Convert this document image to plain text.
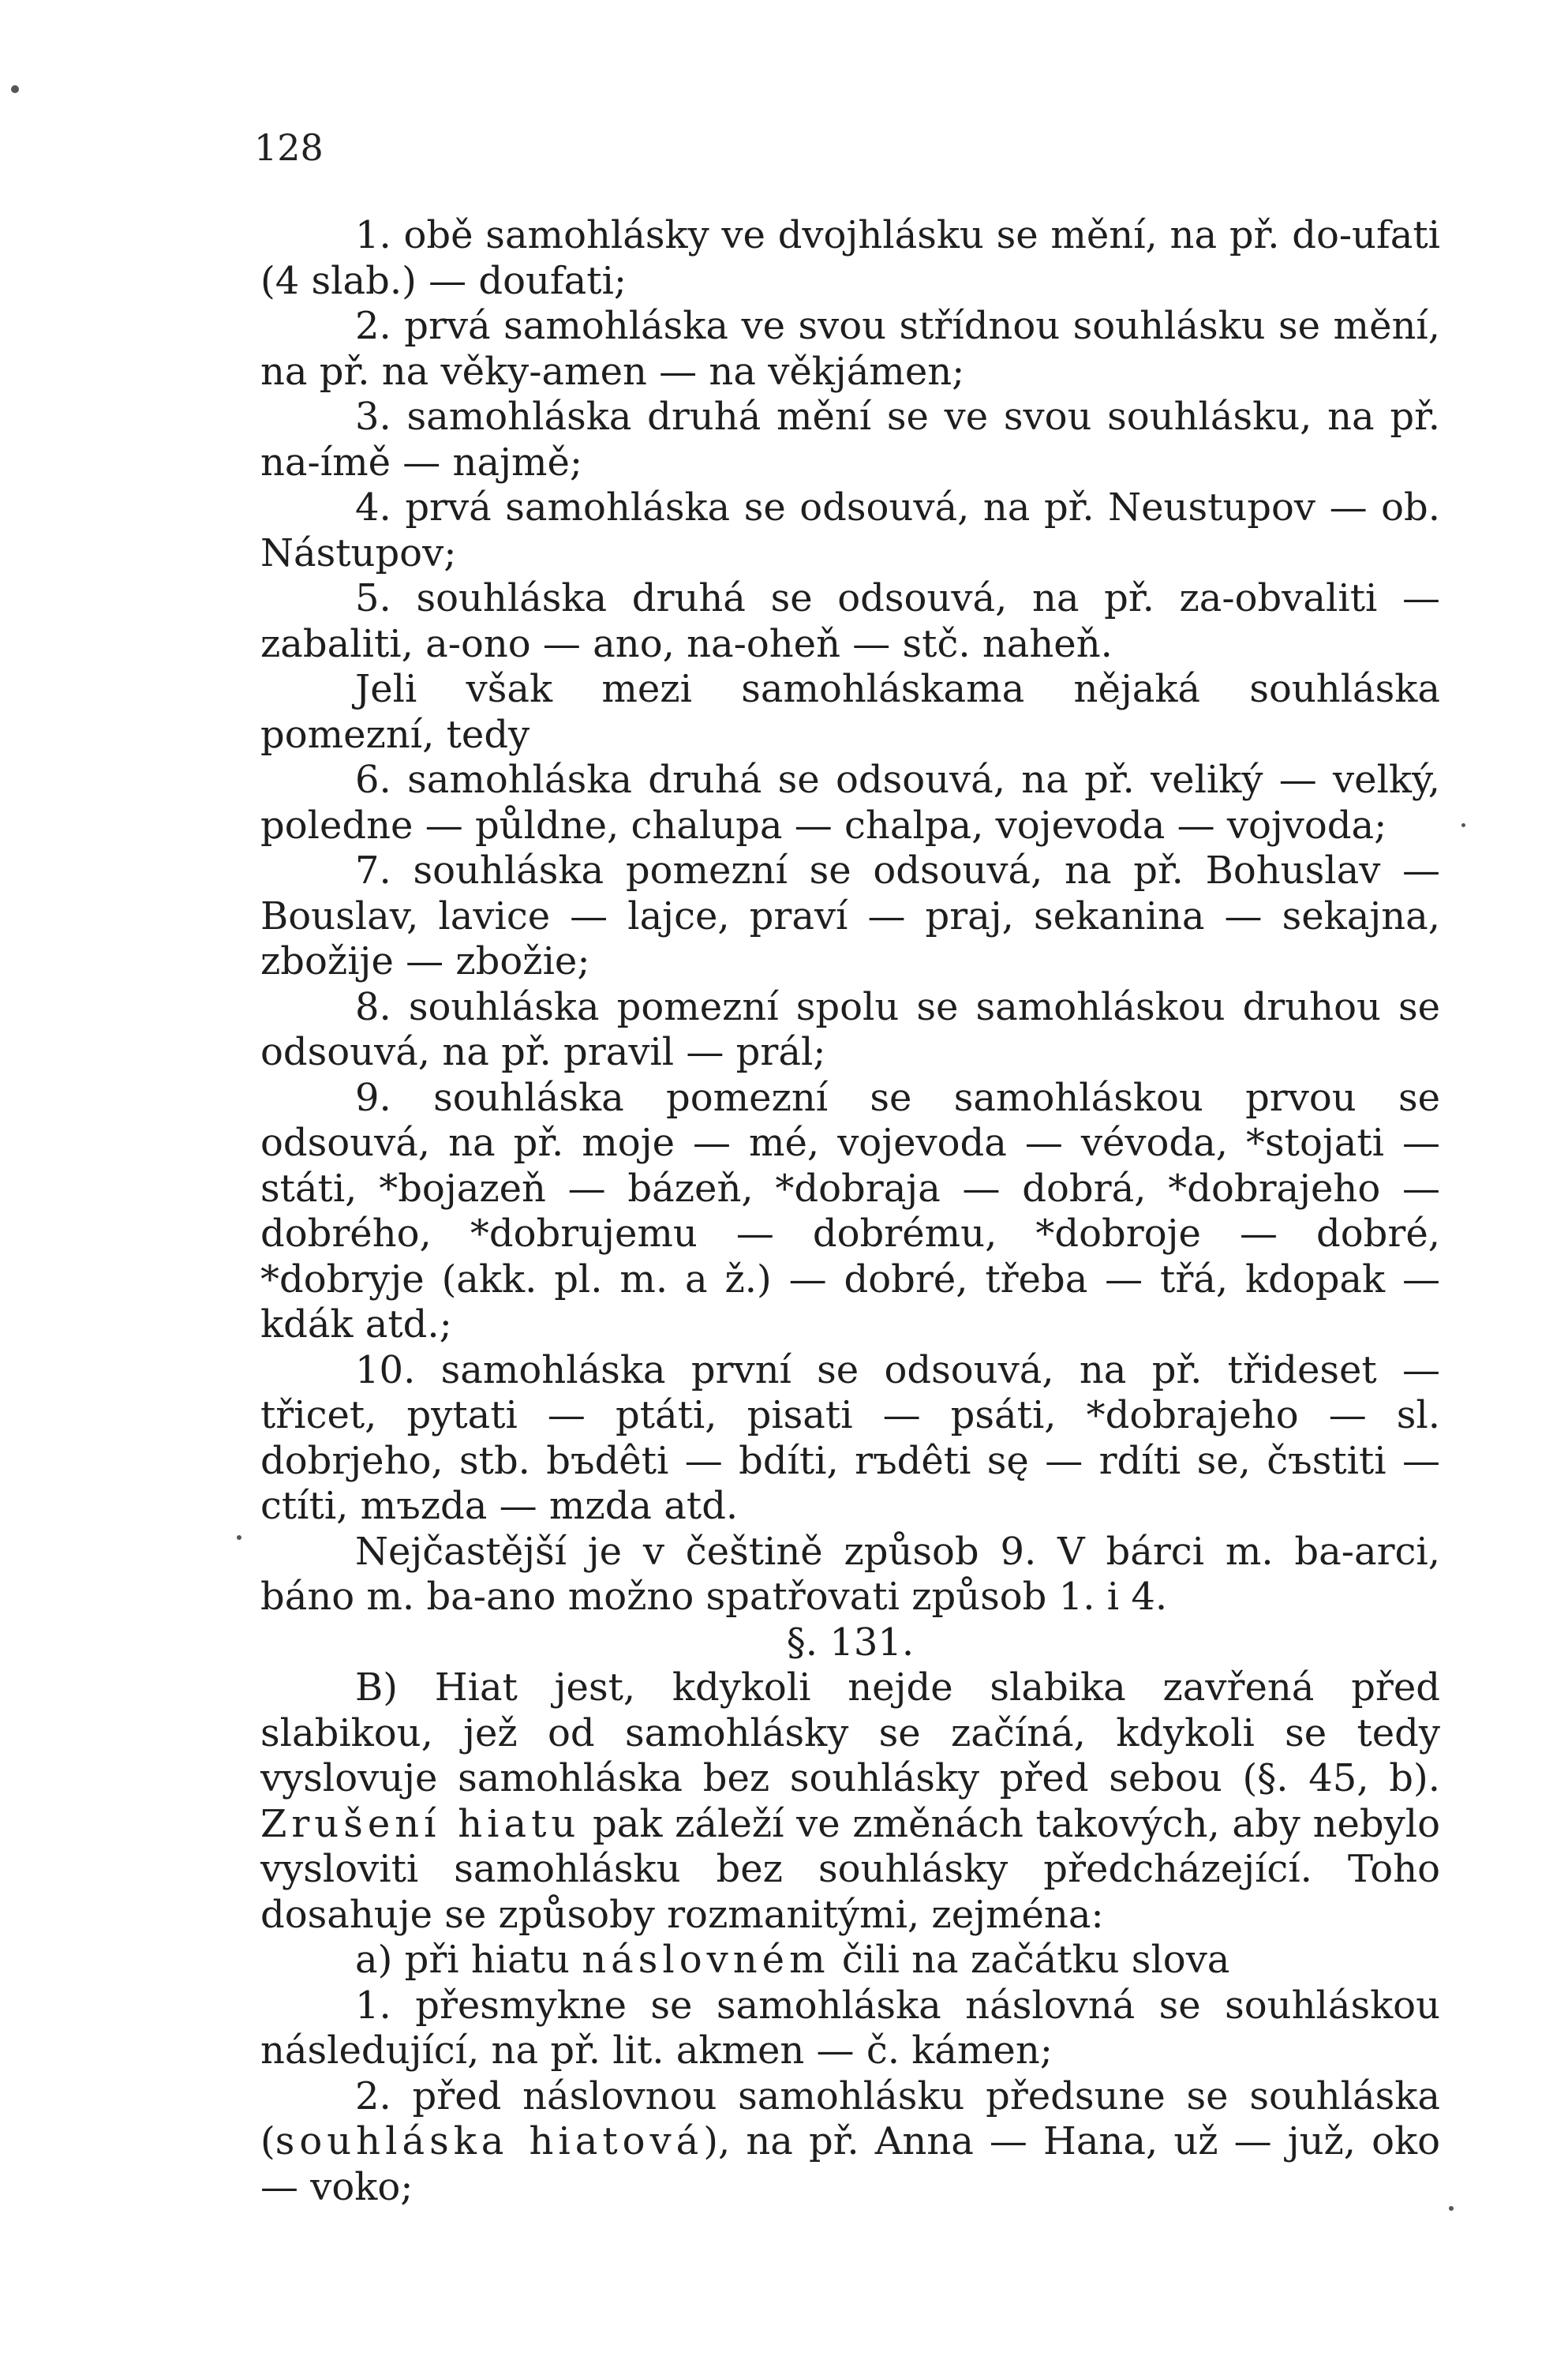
128

1. obě samohlásky ve dvojhlásku se mění, na př. do-ufati (4 slab.) — doufati;

2. prvá samohláska ve svou střídnou souhlásku se mění, na př. na věky-amen — na věkjámen;

3. samohláska druhá mění se ve svou souhlásku, na př. na-ímě — najmě;

4. prvá samohláska se odsouvá, na př. Neustupov — ob. Nástupov;

5. souhláska druhá se odsouvá, na př. za-obvaliti — zabaliti, a-ono — ano, na-oheň — stč. naheň.

Jeli však mezi samohláskama nějaká souhláska pomezní, tedy

6. samohláska druhá se odsouvá, na př. veliký — velký, poledne — půldne, chalupa — chalpa, vojevoda — vojvoda;

7. souhláska pomezní se odsouvá, na př. Bohuslav — Bouslav, lavice — lajce, praví — praj, sekanina — sekajna, zbožije — zbožie;

8. souhláska pomezní spolu se samohláskou druhou se odsouvá, na př. pravil — prál;

9. souhláska pomezní se samohláskou prvou se odsouvá, na př. moje — mé, vojevoda — vévoda, *stojati — státi, *bojazeň — bázeň, *dobraja — dobrá, *dobrajeho — dobrého, *dobrujemu — dobrému, *dobroje — dobré, *dobryje (akk. pl. m. a ž.) — dobré, třeba — třá, kdopak — kdák atd.;

10. samohláska první se odsouvá, na př. třidesеt — třicet, pytati — ptáti, pisati — psáti, *dobrajeho — sl. dobrjeho, stb. bъdêti — bdíti, rъdêti sę — rdíti se, čъstiti — ctíti, mъzda — mzda atd.

Nejčastější je v češtině způsob 9. V bárci m. ba-arci, báno m. ba-ano možno spatřovati způsob 1. i 4.

§. 131.

B) Hiat jest, kdykoli nejde slabika zavřená před slabikou, jež od samohlásky se začíná, kdykoli se tedy vyslovuje samohláska bez souhlásky před sebou (§. 45, b). Zrušení hiatu pak záleží ve změnách takových, aby nebylo vysloviti samohlásku bez souhlásky předcházející. Toho dosahuje se způsoby rozmanitými, zejména:

a) při hiatu náslovném čili na začátku slova

1. přesmykne se samohláska náslovná se souhláskou následující, na př. lit. akmen — č. kámen;

2. před náslovnou samohlásku předsune se souhláska (souhláska hiatová), na př. Anna — Hana, už — juž, oko — voko;
